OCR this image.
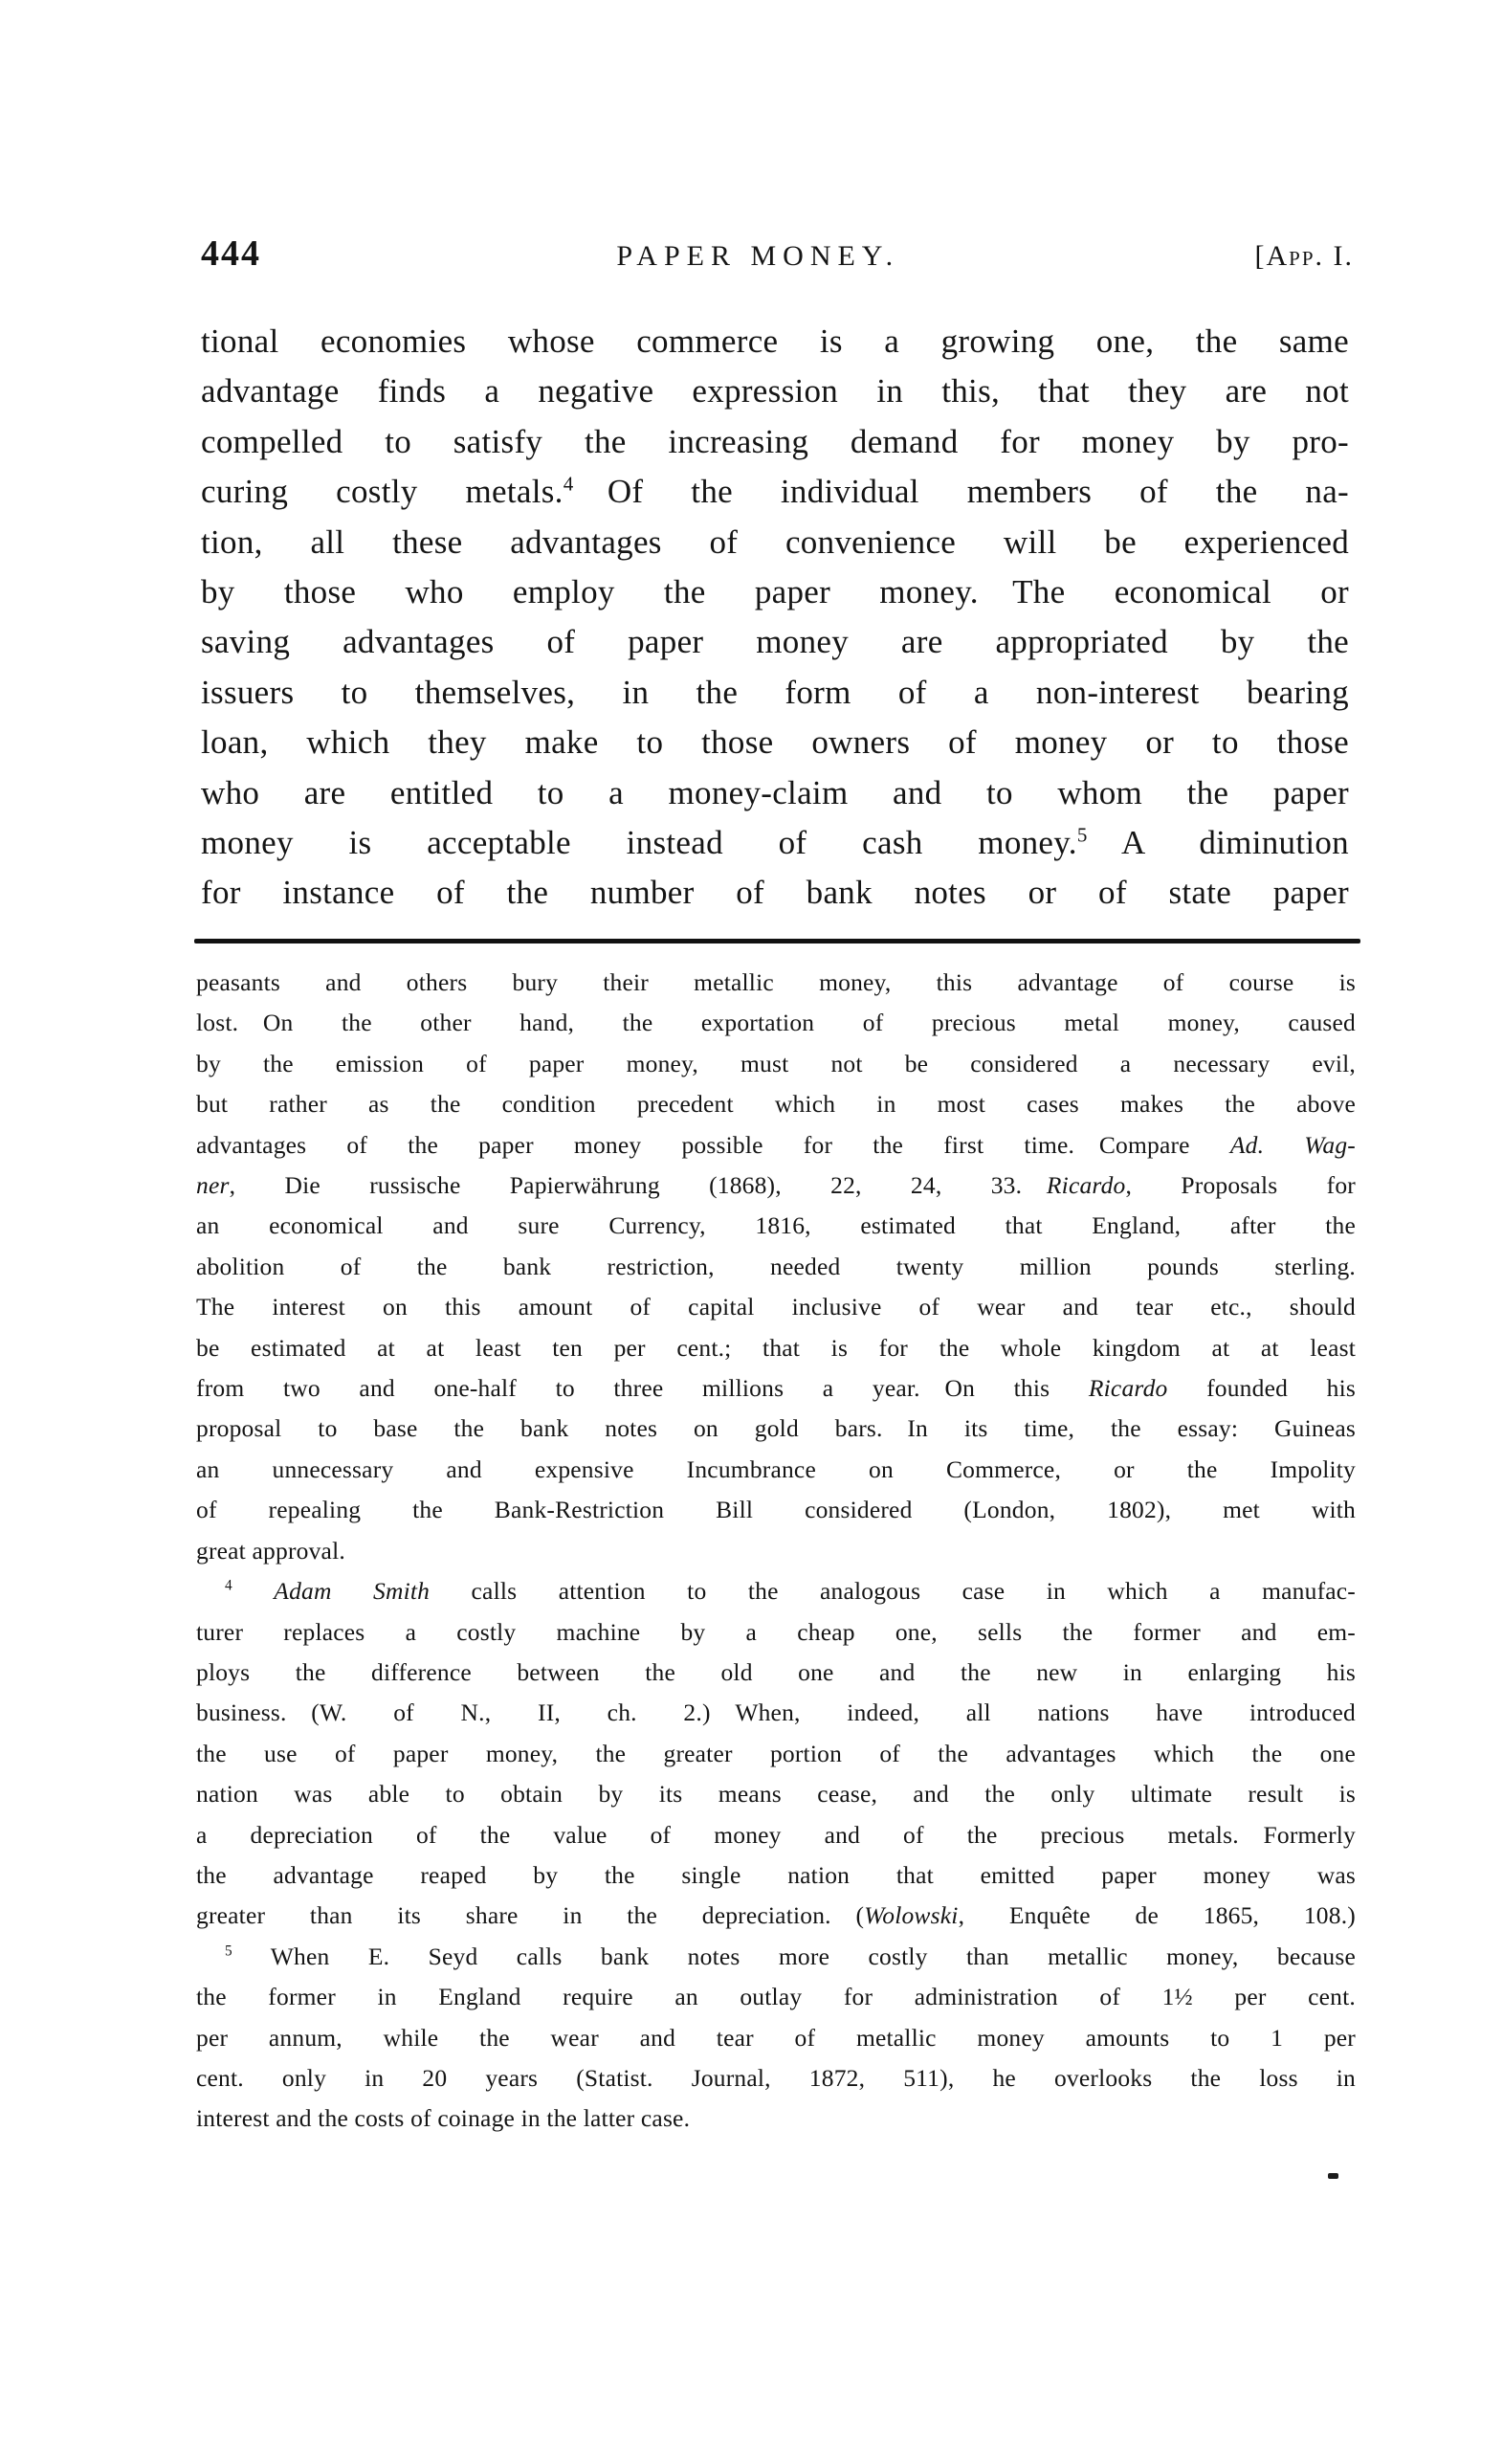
444	PAPER MONEY.	[App. I.
tional economies whose commerce is a growing one, the same
advantage finds a negative expression in this, that they are not
compelled to satisfy the increasing demand for money by pro-
curing costly metals.$^4$ Of the individual members of the na-
tion, all these advantages of convenience will be experienced
by those who employ the paper money. The economical or
saving advantages of paper money are appropriated by the
issuers to themselves, in the form of a non-interest bearing
loan, which they make to those owners of money or to those
who are entitled to a money-claim and to whom the paper
money is acceptable instead of cash money.$^5$ A diminution
for instance of the number of bank notes or of state paper
peasants and others bury their metallic money, this advantage of course is
lost. On the other hand, the exportation of precious metal money, caused
by the emission of paper money, must not be considered a necessary evil,
but rather as the condition precedent which in most cases makes the above
advantages of the paper money possible for the first time. Compare Ad. Wag-
ner, Die russische Papierwährung (1868), 22, 24, 33. Ricardo, Proposals for
an economical and sure Currency, 1816, estimated that England, after the
abolition of the bank restriction, needed twenty million pounds sterling.
The interest on this amount of capital inclusive of wear and tear etc., should
be estimated at at least ten per cent.; that is for the whole kingdom at at least
from two and one-half to three millions a year. On this Ricardo founded his
proposal to base the bank notes on gold bars. In its time, the essay: Guineas
an unnecessary and expensive Incumbrance on Commerce, or the Impolity
of repealing the Bank-Restriction Bill considered (London, 1802), met with
great approval.
$^4$ Adam Smith calls attention to the analogous case in which a manufac-
turer replaces a costly machine by a cheap one, sells the former and em-
ploys the difference between the old one and the new in enlarging his
business. (W. of N., II, ch. 2.) When, indeed, all nations have introduced
the use of paper money, the greater portion of the advantages which the one
nation was able to obtain by its means cease, and the only ultimate result is
a depreciation of the value of money and of the precious metals. Formerly
the advantage reaped by the single nation that emitted paper money was
greater than its share in the depreciation. (Wolowski, Enquête de 1865, 108.)
$^5$ When E. Seyd calls bank notes more costly than metallic money, because
the former in England require an outlay for administration of 1½ per cent.
per annum, while the wear and tear of metallic money amounts to 1 per
cent. only in 20 years (Statist. Journal, 1872, 511), he overlooks the loss in
interest and the costs of coinage in the latter case.
